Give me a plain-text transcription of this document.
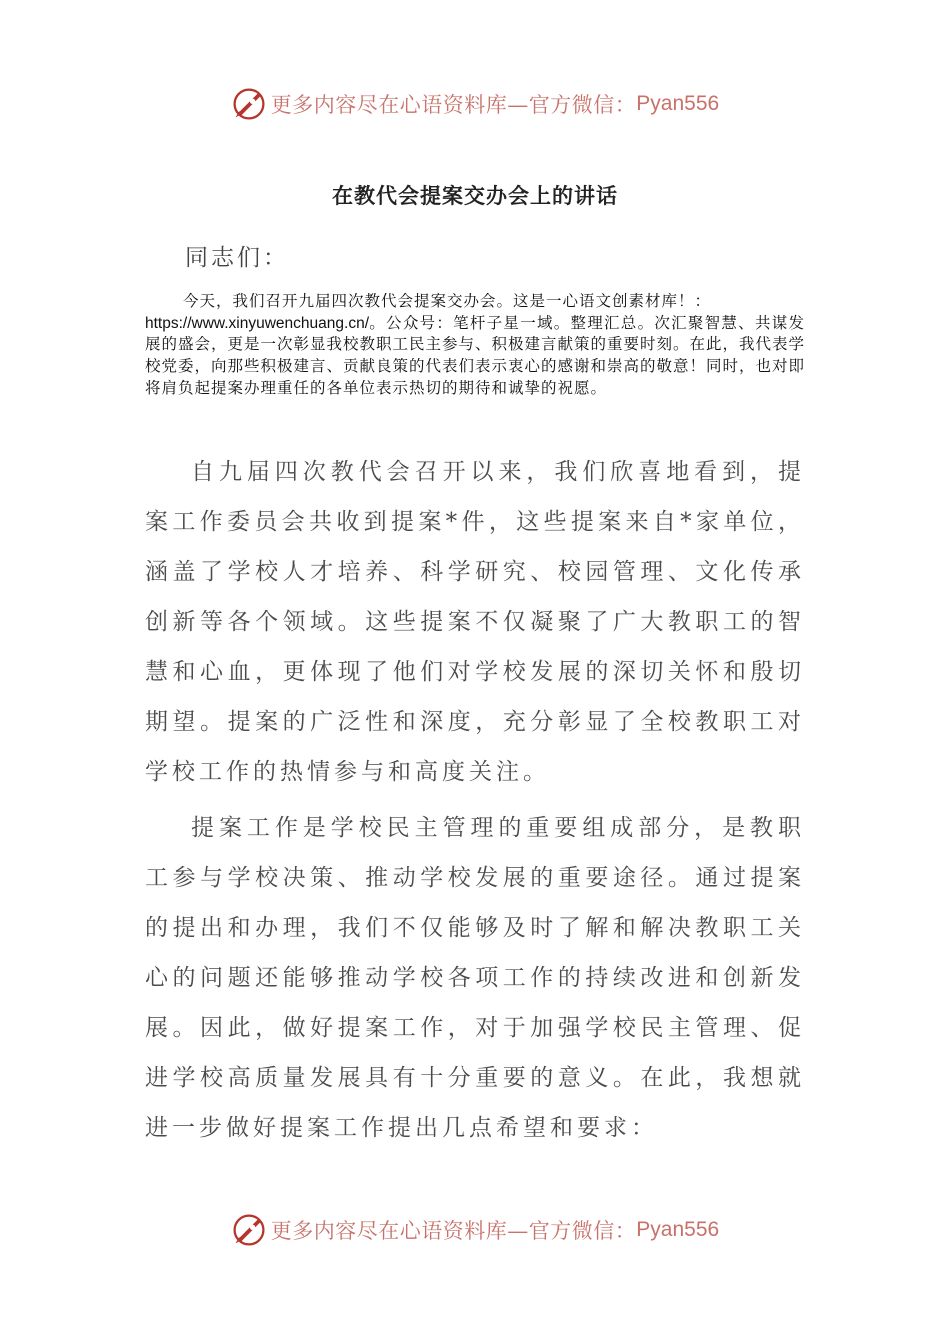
更多内容尽在心语资料库—官方微信： Pyan556
在教代会提案交办会上的讲话
同志们：
今天，我们召开九届四次教代会提案交办会。这是一心语文创素材库！：
https://www.xinyuwenchuang.cn/。公众号：笔杆子星一域。整理汇总。次汇聚智慧、共谋发展的盛会，更是一次彰显我校教职工民主参与、积极建言献策的重要时刻。在此，我代表学校党委，向那些积极建言、贡献良策的代表们表示衷心的感谢和崇高的敬意！同时，也对即将肩负起提案办理重任的各单位表示热切的期待和诚挚的祝愿。
自九届四次教代会召开以来，我们欣喜地看到，提案工作委员会共收到提案*件，这些提案来自*家单位，涵盖了学校人才培养、科学研究、校园管理、文化传承创新等各个领域。这些提案不仅凝聚了广大教职工的智慧和心血，更体现了他们对学校发展的深切关怀和殷切期望。提案的广泛性和深度，充分彰显了全校教职工对学校工作的热情参与和高度关注。
提案工作是学校民主管理的重要组成部分，是教职工参与学校决策、推动学校发展的重要途径。通过提案的提出和办理，我们不仅能够及时了解和解决教职工关心的问题还能够推动学校各项工作的持续改进和创新发展。因此，做好提案工作，对于加强学校民主管理、促进学校高质量发展具有十分重要的意义。在此，我想就进一步做好提案工作提出几点希望和要求：
更多内容尽在心语资料库—官方微信： Pyan556
